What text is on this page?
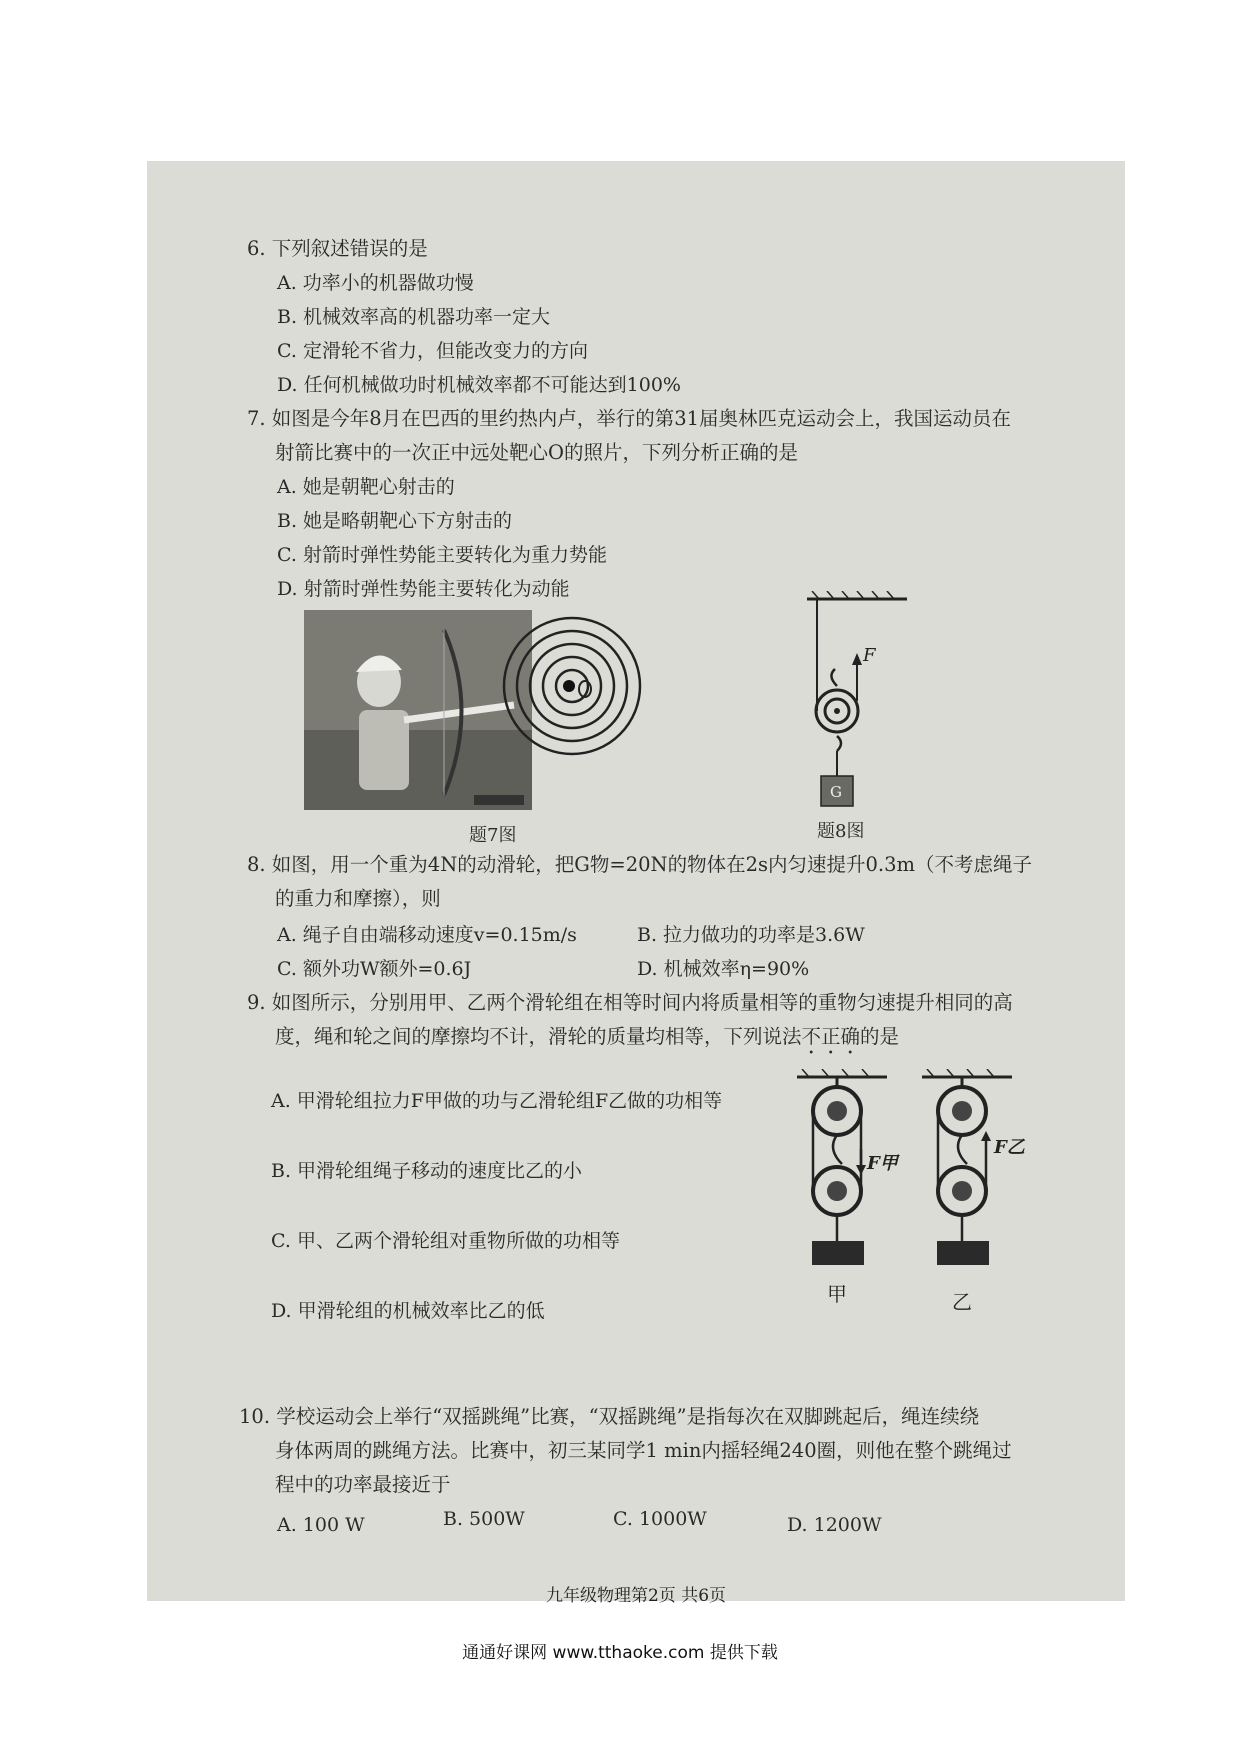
6. 下列叙述错误的是
A. 功率小的机器做功慢
B. 机械效率高的机器功率一定大
C. 定滑轮不省力，但能改变力的方向
D. 任何机械做功时机械效率都不可能达到100%
7. 如图是今年8月在巴西的里约热内卢，举行的第31届奥林匹克运动会上，我国运动员在
射箭比赛中的一次正中远处靶心O的照片，下列分析正确的是
A. 她是朝靶心射击的
B. 她是略朝靶心下方射击的
C. 射箭时弹性势能主要转化为重力势能
D. 射箭时弹性势能主要转化为动能
题7图
F
G
题8图
8. 如图，用一个重为4N的动滑轮，把G物=20N的物体在2s内匀速提升0.3m（不考虑绳子
的重力和摩擦），则
A. 绳子自由端移动速度v=0.15m/s	B. 拉力做功的功率是3.6W
C. 额外功W额外=0.6J	D. 机械效率η=90%
9. 如图所示，分别用甲、乙两个滑轮组在相等时间内将质量相等的重物匀速提升相同的高
度，绳和轮之间的摩擦均不计，滑轮的质量均相等，下列说法不正确的是
A. 甲滑轮组拉力F甲做的功与乙滑轮组F乙做的功相等
B. 甲滑轮组绳子移动的速度比乙的小
C. 甲、乙两个滑轮组对重物所做的功相等
D. 甲滑轮组的机械效率比乙的低
F甲
甲
F乙
乙
10. 学校运动会上举行“双摇跳绳”比赛，“双摇跳绳”是指每次在双脚跳起后，绳连续绕
身体两周的跳绳方法。比赛中，初三某同学1 min内摇轻绳240圈，则他在整个跳绳过
程中的功率最接近于
A. 100 W	B. 500W	C. 1000W	D. 1200W
九年级物理第2页 共6页
通通好课网 www.tthaoke.com 提供下载
